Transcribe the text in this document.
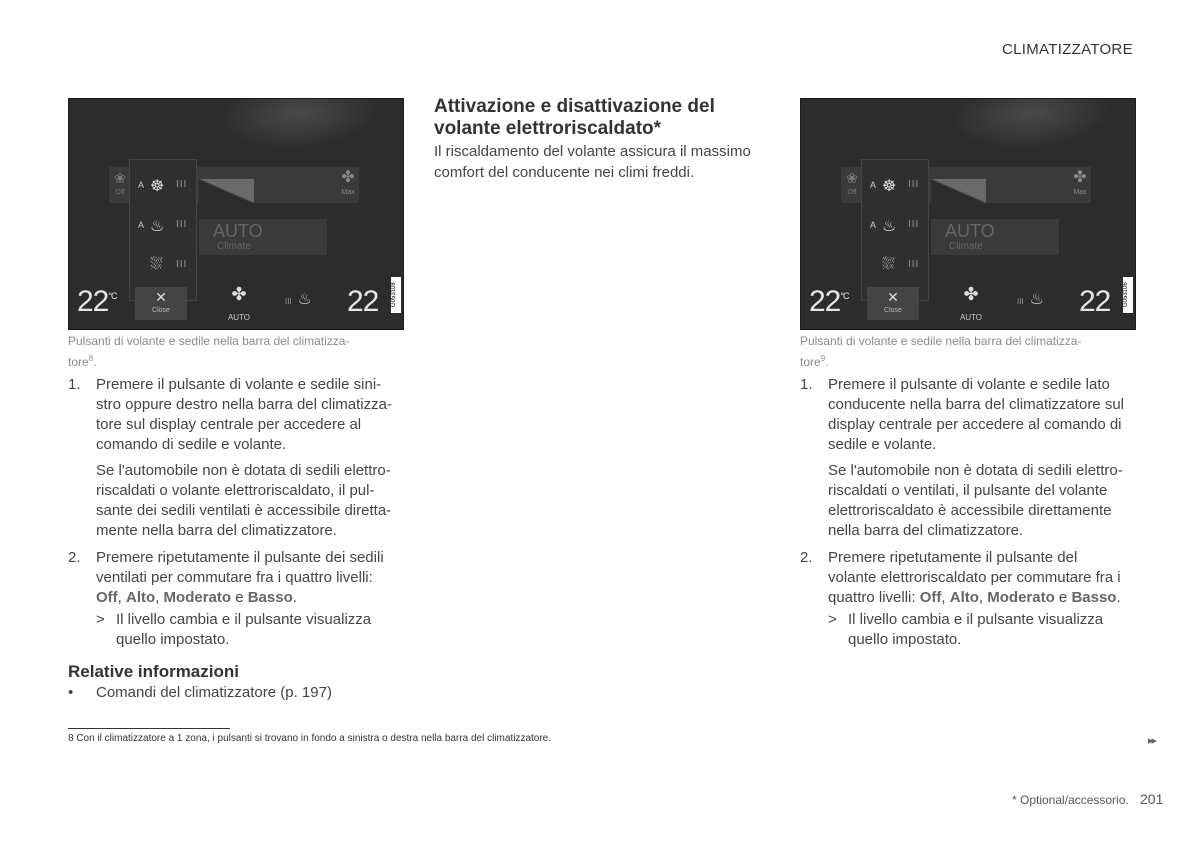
CLIMATIZZATORE
❀
Off
✤
Max
AUTO
Climate
A ☸ III
A ♨ III
⛆ III
$22^{^\circ C}$	✕
Close
✤
AUTO
III ♨ 22 G053108
Pulsanti di volante e sedile nella barra del climatizza-
tore$^8$.
1. Premere il pulsante di volante e sedile sini-
stro oppure destro nella barra del climatizza-
tore sul display centrale per accedere al
comando di sedile e volante.
Se l'automobile non è dotata di sedili elettro-
riscaldati o volante elettroriscaldato, il pul-
sante dei sedili ventilati è accessibile diretta-
mente nella barra del climatizzatore.
2. Premere ripetutamente il pulsante dei sedili
ventilati per commutare fra i quattro livelli:
Off, Alto, Moderato e Basso.
> Il livello cambia e il pulsante visualizza
quello impostato.
Relative informazioni
• Comandi del climatizzatore (p. 197)
Attivazione e disattivazione del
volante elettroriscaldato*
Il riscaldamento del volante assicura il massimo
comfort del conducente nei climi freddi.	❀
Off
✤
Max
AUTO
Climate
A ☸ III
A ♨ III
⛆ III
$22^{^\circ C}$	✕
Close
✤
AUTO
III ♨ 22 G053106
Pulsanti di volante e sedile nella barra del climatizza-
tore$^9$.
1. Premere il pulsante di volante e sedile lato
conducente nella barra del climatizzatore sul
display centrale per accedere al comando di
sedile e volante.
Se l'automobile non è dotata di sedili elettro-
riscaldati o ventilati, il pulsante del volante
elettroriscaldato è accessibile direttamente
nella barra del climatizzatore.
2. Premere ripetutamente il pulsante del
volante elettroriscaldato per commutare fra i
quattro livelli: Off, Alto, Moderato e Basso.
> Il livello cambia e il pulsante visualizza
quello impostato.
8 Con il climatizzatore a 1 zona, i pulsanti si trovano in fondo a sinistra o destra nella barra del climatizzatore.	▸▸
* Optional/accessorio. 201
